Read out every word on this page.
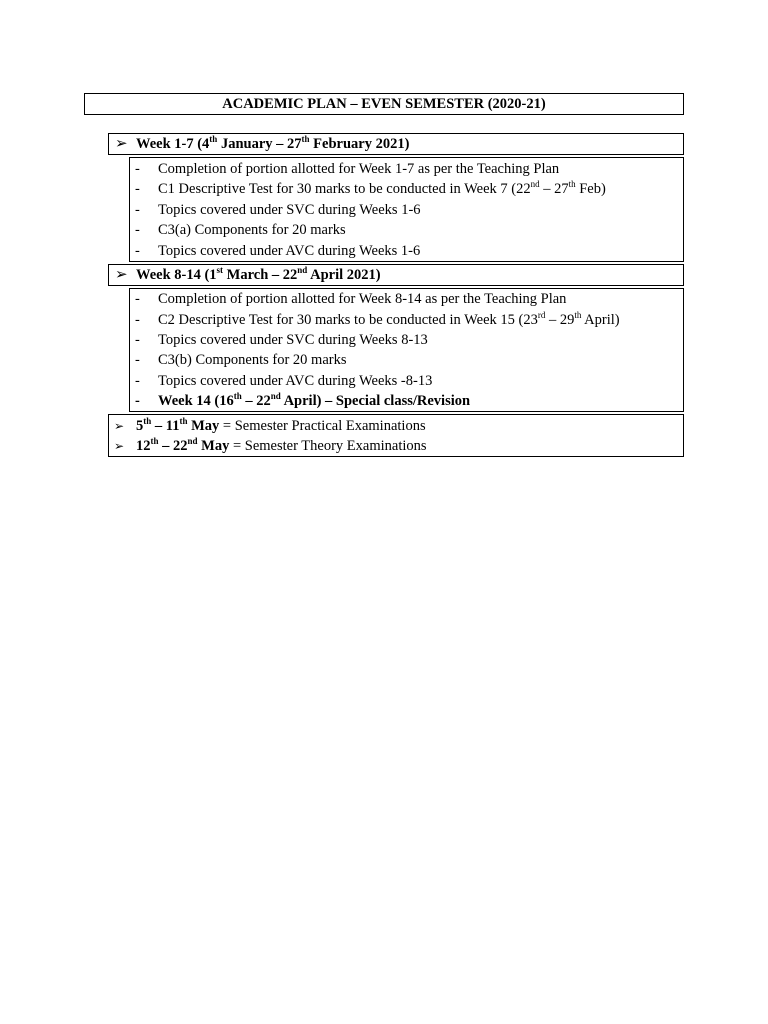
ACADEMIC PLAN – EVEN SEMESTER (2020-21)
➢ Week 1-7 (4th January – 27th February 2021)
- Completion of portion allotted for Week 1-7 as per the Teaching Plan
- C1 Descriptive Test for 30 marks to be conducted in Week 7 (22nd – 27th Feb)
- Topics covered under SVC during Weeks 1-6
- C3(a) Components for 20 marks
- Topics covered under AVC during Weeks 1-6
➢ Week 8-14 (1st March – 22nd April 2021)
- Completion of portion allotted for Week 8-14 as per the Teaching Plan
- C2 Descriptive Test for 30 marks to be conducted in Week 15 (23rd – 29th April)
- Topics covered under SVC during Weeks 8-13
- C3(b) Components for 20 marks
- Topics covered under AVC during Weeks -8-13
- Week 14 (16th – 22nd April) – Special class/Revision
➢ 5th – 11th May = Semester Practical Examinations
➢ 12th – 22nd May = Semester Theory Examinations
